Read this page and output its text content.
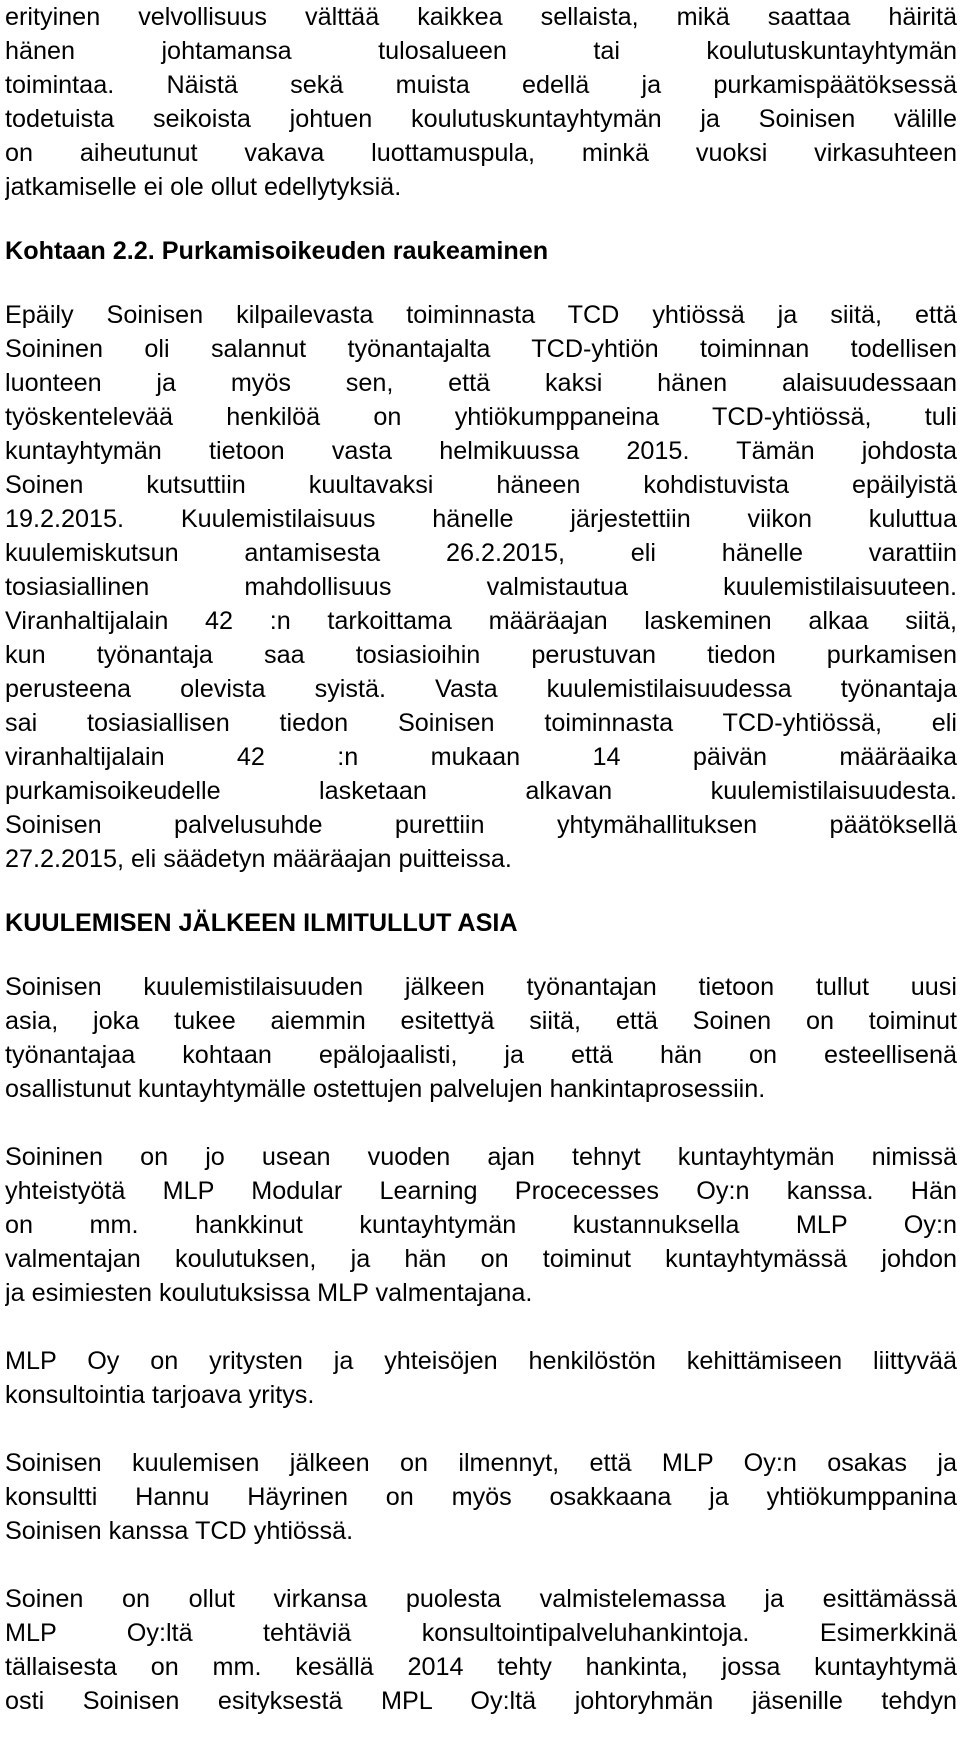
erityinen velvollisuus välttää kaikkea sellaista, mikä saattaa häiritä
hänen johtamansa tulosalueen tai koulutuskuntayhtymän
toimintaa. Näistä sekä muista edellä ja purkamispäätöksessä
todetuista seikoista johtuen koulutuskuntayhtymän ja Soinisen välille
on aiheutunut vakava luottamuspula, minkä vuoksi virkasuhteen
jatkamiselle ei ole ollut edellytyksiä.
Kohtaan 2.2. Purkamisoikeuden raukeaminen
Epäily Soinisen kilpailevasta toiminnasta TCD yhtiössä ja siitä, että
Soininen oli salannut työnantajalta TCD-yhtiön toiminnan todellisen
luonteen ja myös sen, että kaksi hänen alaisuudessaan
työskentelevää henkilöä on yhtiökumppaneina TCD-yhtiössä, tuli
kuntayhtymän tietoon vasta helmikuussa 2015. Tämän johdosta
Soinen kutsuttiin kuultavaksi häneen kohdistuvista epäilyistä
19.2.2015. Kuulemistilaisuus hänelle järjestettiin viikon kuluttua
kuulemiskutsun antamisesta 26.2.2015, eli hänelle varattiin
tosiasiallinen mahdollisuus valmistautua kuulemistilaisuuteen.
Viranhaltijalain 42 :n tarkoittama määräajan laskeminen alkaa siitä,
kun työnantaja saa tosiasioihin perustuvan tiedon purkamisen
perusteena olevista syistä. Vasta kuulemistilaisuudessa työnantaja
sai tosiasiallisen tiedon Soinisen toiminnasta TCD-yhtiössä, eli
viranhaltijalain 42 :n mukaan 14 päivän määräaika
purkamisoikeudelle lasketaan alkavan kuulemistilaisuudesta.
Soinisen palvelusuhde purettiin yhtymähallituksen päätöksellä
27.2.2015, eli säädetyn määräajan puitteissa.
KUULEMISEN JÄLKEEN ILMITULLUT ASIA
Soinisen kuulemistilaisuuden jälkeen työnantajan tietoon tullut uusi
asia, joka tukee aiemmin esitettyä siitä, että Soinen on toiminut
työnantajaa kohtaan epälojaalisti, ja että hän on esteellisenä
osallistunut kuntayhtymälle ostettujen palvelujen hankintaprosessiin.
Soininen on jo usean vuoden ajan tehnyt kuntayhtymän nimissä
yhteistyötä MLP Modular Learning Procecesses Oy:n kanssa. Hän
on mm. hankkinut kuntayhtymän kustannuksella MLP Oy:n
valmentajan koulutuksen, ja hän on toiminut kuntayhtymässä johdon
ja esimiesten koulutuksissa MLP valmentajana.
MLP Oy on yritysten ja yhteisöjen henkilöstön kehittämiseen liittyvää
konsultointia tarjoava yritys.
Soinisen kuulemisen jälkeen on ilmennyt, että MLP Oy:n osakas ja
konsultti Hannu Häyrinen on myös osakkaana ja yhtiökumppanina
Soinisen kanssa TCD yhtiössä.
Soinen on ollut virkansa puolesta valmistelemassa ja esittämässä
MLP Oy:ltä tehtäviä konsultointipalveluhankintoja. Esimerkkinä
tällaisesta on mm. kesällä 2014 tehty hankinta, jossa kuntayhtymä
osti Soinisen esityksestä MPL Oy:ltä johtoryhmän jäsenille tehdyn
